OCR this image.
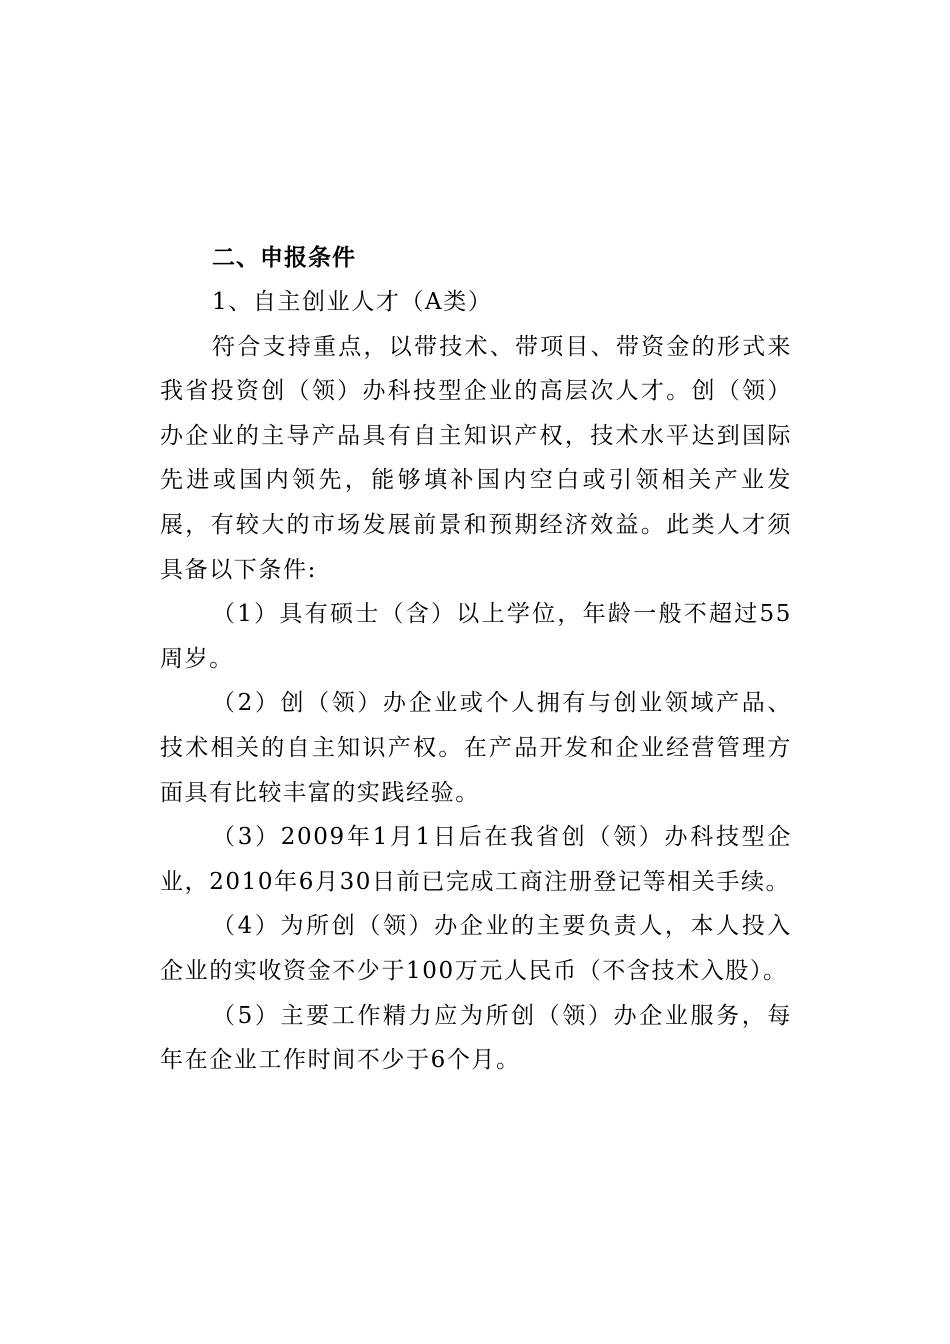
二、申报条件

1、自主创业人才（A类）

符合支持重点，以带技术、带项目、带资金的形式来我省投资创（领）办科技型企业的高层次人才。创（领）办企业的主导产品具有自主知识产权，技术水平达到国际先进或国内领先，能够填补国内空白或引领相关产业发展，有较大的市场发展前景和预期经济效益。此类人才须具备以下条件:

（1）具有硕士（含）以上学位，年龄一般不超过55周岁。

（2）创（领）办企业或个人拥有与创业领域产品、技术相关的自主知识产权。在产品开发和企业经营管理方面具有比较丰富的实践经验。

（3）2009年1月1日后在我省创（领）办科技型企业，2010年6月30日前已完成工商注册登记等相关手续。

（4）为所创（领）办企业的主要负责人，本人投入企业的实收资金不少于100万元人民币（不含技术入股）。

（5）主要工作精力应为所创（领）办企业服务，每年在企业工作时间不少于6个月。
